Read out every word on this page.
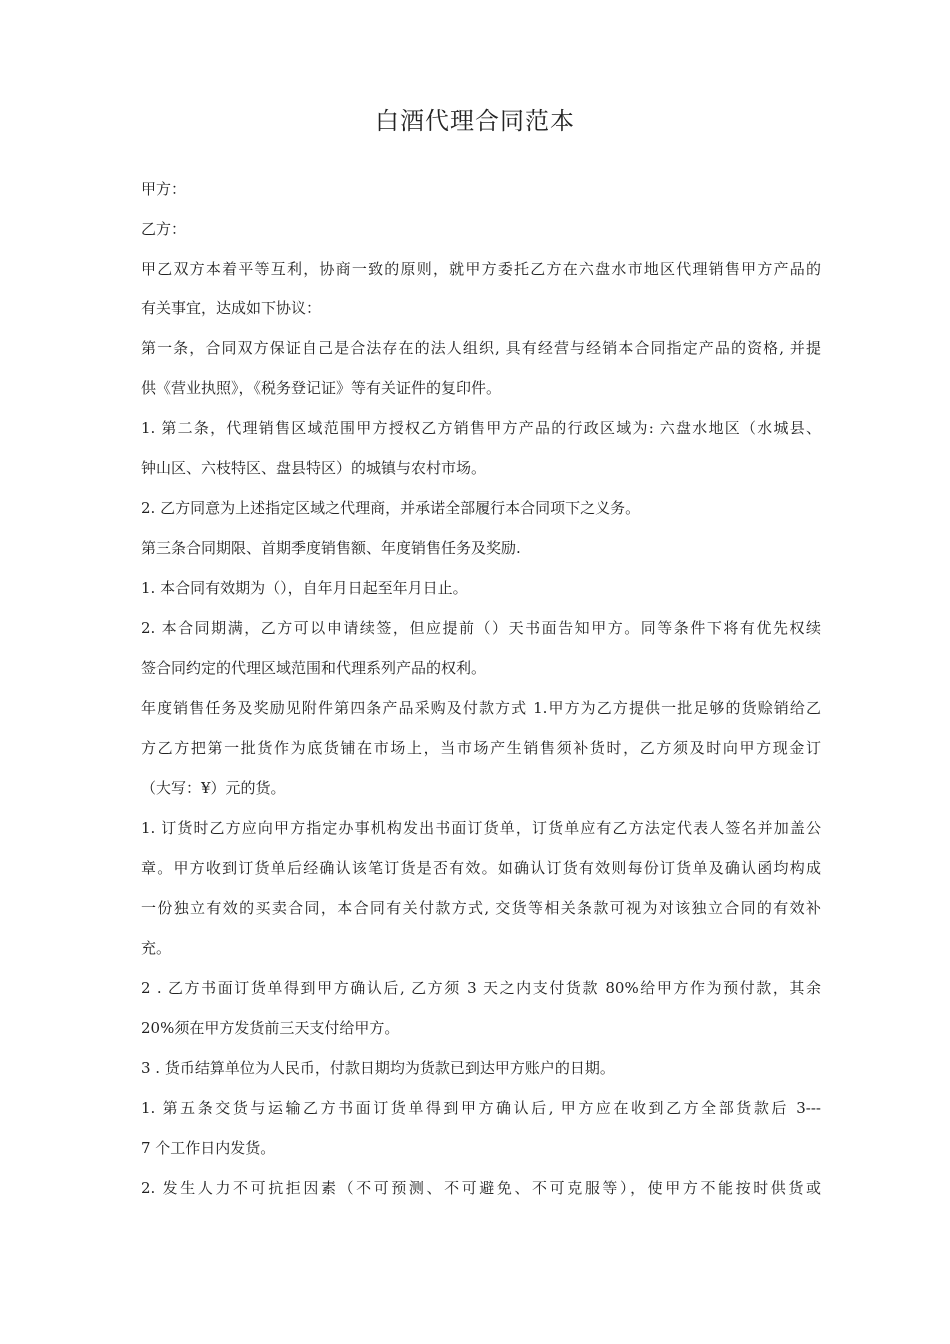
白酒代理合同范本
甲方：
乙方：
甲乙双方本着平等互利，协商一致的原则，就甲方委托乙方在六盘水市地区代理销售甲方产品的
有关事宜，达成如下协议：
第一条，合同双方保证自己是合法存在的法人组织, 具有经营与经销本合同指定产品的资格, 并提
供《营业执照》，《税务登记证》等有关证件的复印件。
1. 第二条，代理销售区域范围甲方授权乙方销售甲方产品的行政区域为: 六盘水地区（水城县、
钟山区、六枝特区、盘县特区）的城镇与农村市场。
2. 乙方同意为上述指定区域之代理商，并承诺全部履行本合同项下之义务。
第三条合同期限、首期季度销售额、年度销售任务及奖励.
1. 本合同有效期为（），自年月日起至年月日止。
2. 本合同期满，乙方可以申请续签，但应提前（）天书面告知甲方。同等条件下将有优先权续
签合同约定的代理区域范围和代理系列产品的权利。
年度销售任务及奖励见附件第四条产品采购及付款方式 1.甲方为乙方提供一批足够的货赊销给乙
方乙方把第一批货作为底货铺在市场上，当市场产生销售须补货时，乙方须及时向甲方现金订
（大写：¥）元的货。
1. 订货时乙方应向甲方指定办事机构发出书面订货单，订货单应有乙方法定代表人签名并加盖公
章。甲方收到订货单后经确认该笔订货是否有效。如确认订货有效则每份订货单及确认函均构成
一份独立有效的买卖合同，本合同有关付款方式, 交货等相关条款可视为对该独立合同的有效补
充。
2 . 乙方书面订货单得到甲方确认后, 乙方须 3 天之内支付货款 80%给甲方作为预付款，其余
20%须在甲方发货前三天支付给甲方。
3 . 货币结算单位为人民币，付款日期均为货款已到达甲方账户的日期。
1. 第五条交货与运输乙方书面订货单得到甲方确认后, 甲方应在收到乙方全部货款后 3---
7 个工作日内发货。
2. 发生人力不可抗拒因素（不可预测、不可避免、不可克服等），使甲方不能按时供货或
